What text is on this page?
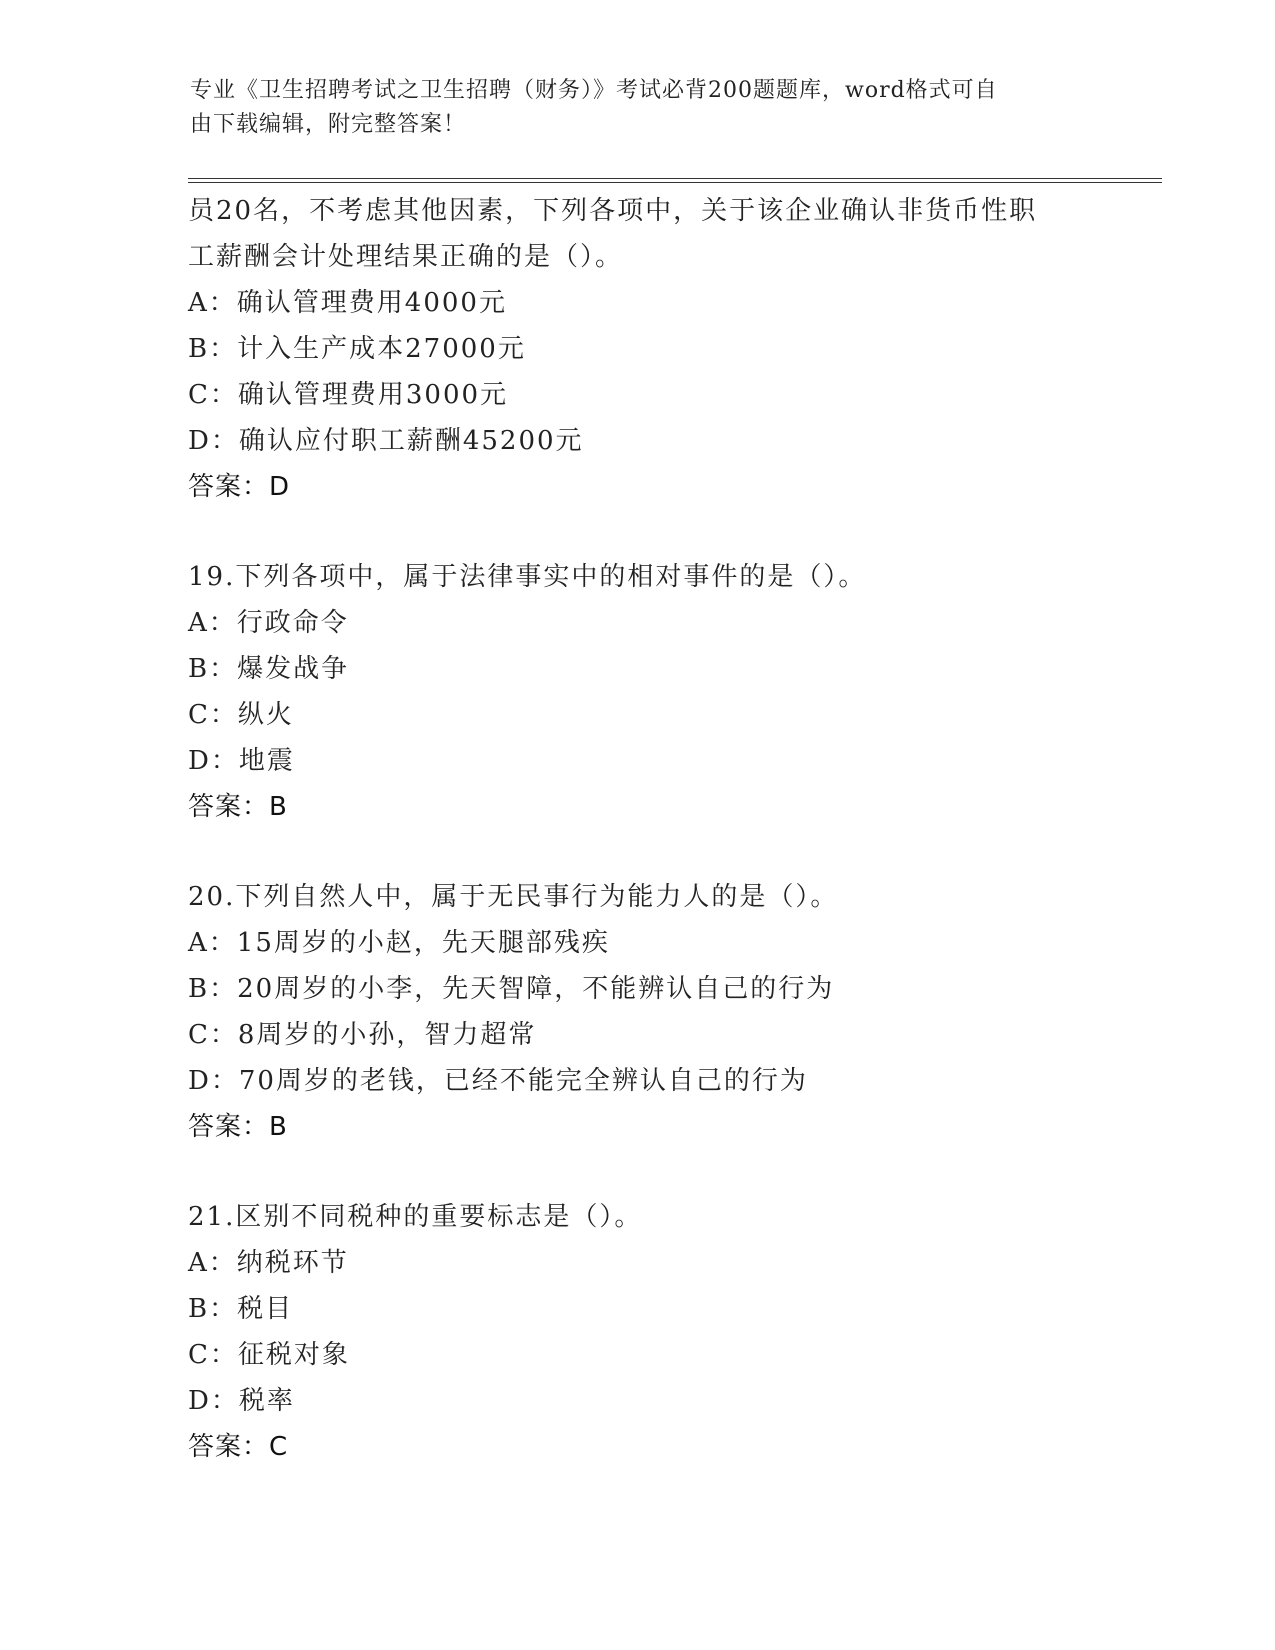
专业《卫生招聘考试之卫生招聘（财务）》考试必背200题题库，word格式可自
由下载编辑，附完整答案！
员20名，不考虑其他因素，下列各项中，关于该企业确认非货币性职
工薪酬会计处理结果正确的是（）。
A：确认管理费用4000元
B：计入生产成本27000元
C：确认管理费用3000元
D：确认应付职工薪酬45200元
答案：D
19.下列各项中，属于法律事实中的相对事件的是（）。
A：行政命令
B：爆发战争
C：纵火
D：地震
答案：B
20.下列自然人中，属于无民事行为能力人的是（）。
A：15周岁的小赵，先天腿部残疾
B：20周岁的小李，先天智障，不能辨认自己的行为
C：8周岁的小孙，智力超常
D：70周岁的老钱，已经不能完全辨认自己的行为
答案：B
21.区别不同税种的重要标志是（）。
A：纳税环节
B：税目
C：征税对象
D：税率
答案：C
